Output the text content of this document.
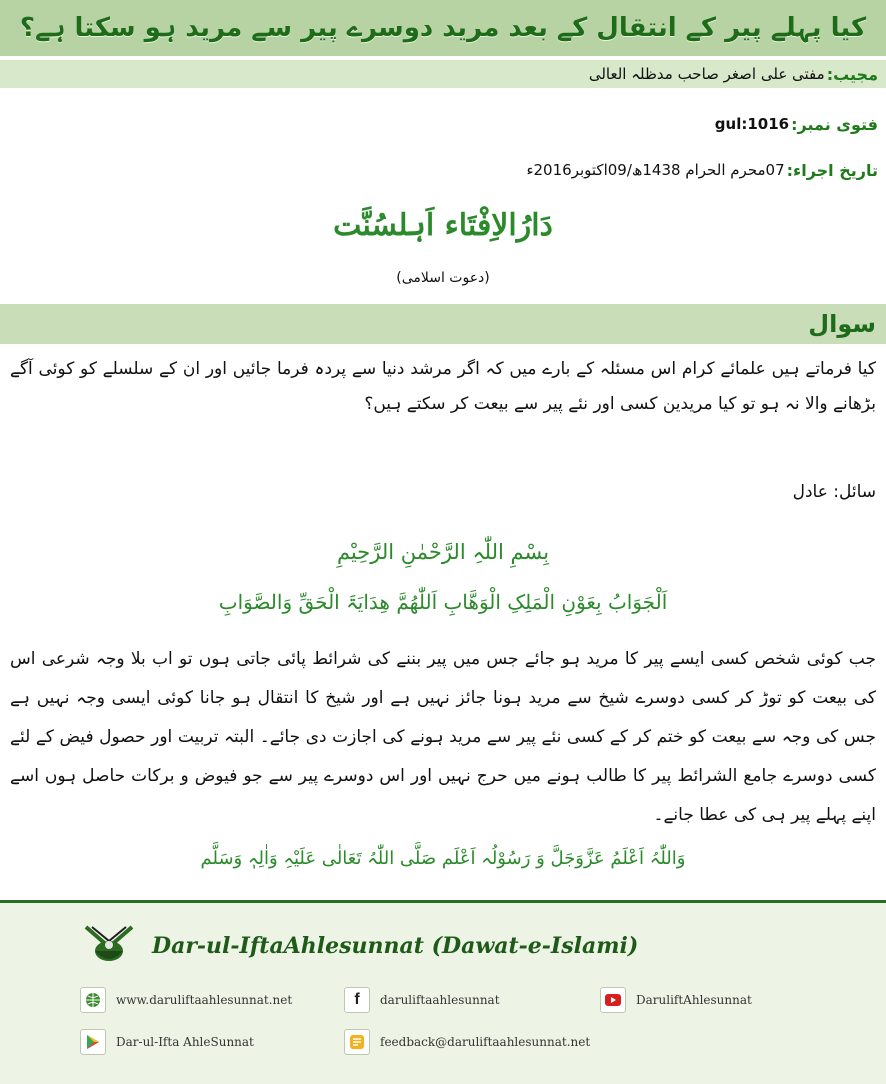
کیا پہلے پیر کے انتقال کے بعد مرید دوسرے پیر سے مرید ہو سکتا ہے؟
مجیب:
مفتی علی اصغر صاحب مدظلہ العالی
فتوی نمبر:
gul:1016
تاریخ اجراء:
07محرم الحرام 1438ھ/09اکتوبر2016ء
دَارُالاِفْتَاء اَہلسُنَّت
(دعوت اسلامی)
سوال
کیا فرماتے ہیں علمائے کرام اس مسئلہ کے بارے میں کہ اگر مرشد دنیا سے پردہ فرما جائیں اور ان کے سلسلے کو کوئی آگے بڑھانے والا نہ ہو تو کیا مریدین کسی اور نئے پیر سے بیعت کر سکتے ہیں؟
سائل: عادل
بِسْمِ اللّٰہِ الرَّحْمٰنِ الرَّحِیْمِ
اَلْجَوَابُ بِعَوْنِ الْمَلِکِ الْوَھَّابِ اَللّٰھُمَّ ھِدَایَۃَ الْحَقِّ وَالصَّوَابِ
جب کوئی شخص کسی ایسے پیر کا مرید ہو جائے جس میں پیر بننے کی شرائط پائی جاتی ہوں تو اب بلا وجہ شرعی اس کی بیعت کو توڑ کر کسی دوسرے شیخ سے مرید ہونا جائز نہیں ہے اور شیخ کا انتقال ہو جانا کوئی ایسی وجہ نہیں ہے جس کی وجہ سے بیعت کو ختم کر کے کسی نئے پیر سے مرید ہونے کی اجازت دی جائے۔ البتہ تربیت اور حصول فیض کے لئے کسی دوسرے جامع الشرائط پیر کا طالب ہونے میں حرج نہیں اور اس دوسرے پیر سے جو فیوض و برکات حاصل ہوں اسے اپنے پہلے پیر ہی کی عطا جانے۔
وَاللّٰہُ اَعْلَمُ عَزَّوَجَلَّ وَ رَسُوْلُہ اَعْلَم صَلَّی اللّٰہُ تَعَالٰی عَلَیْہِ وَاٰلِہٖ وَسَلَّم
Dar-ul-IftaAhlesunnat (Dawat-e-Islami)
www.daruliftaahlesunnat.net	f daruliftaahlesunnat	DaruliftAhlesunnat
Dar-ul-Ifta AhleSunnat	feedback@daruliftaahlesunnat.net
